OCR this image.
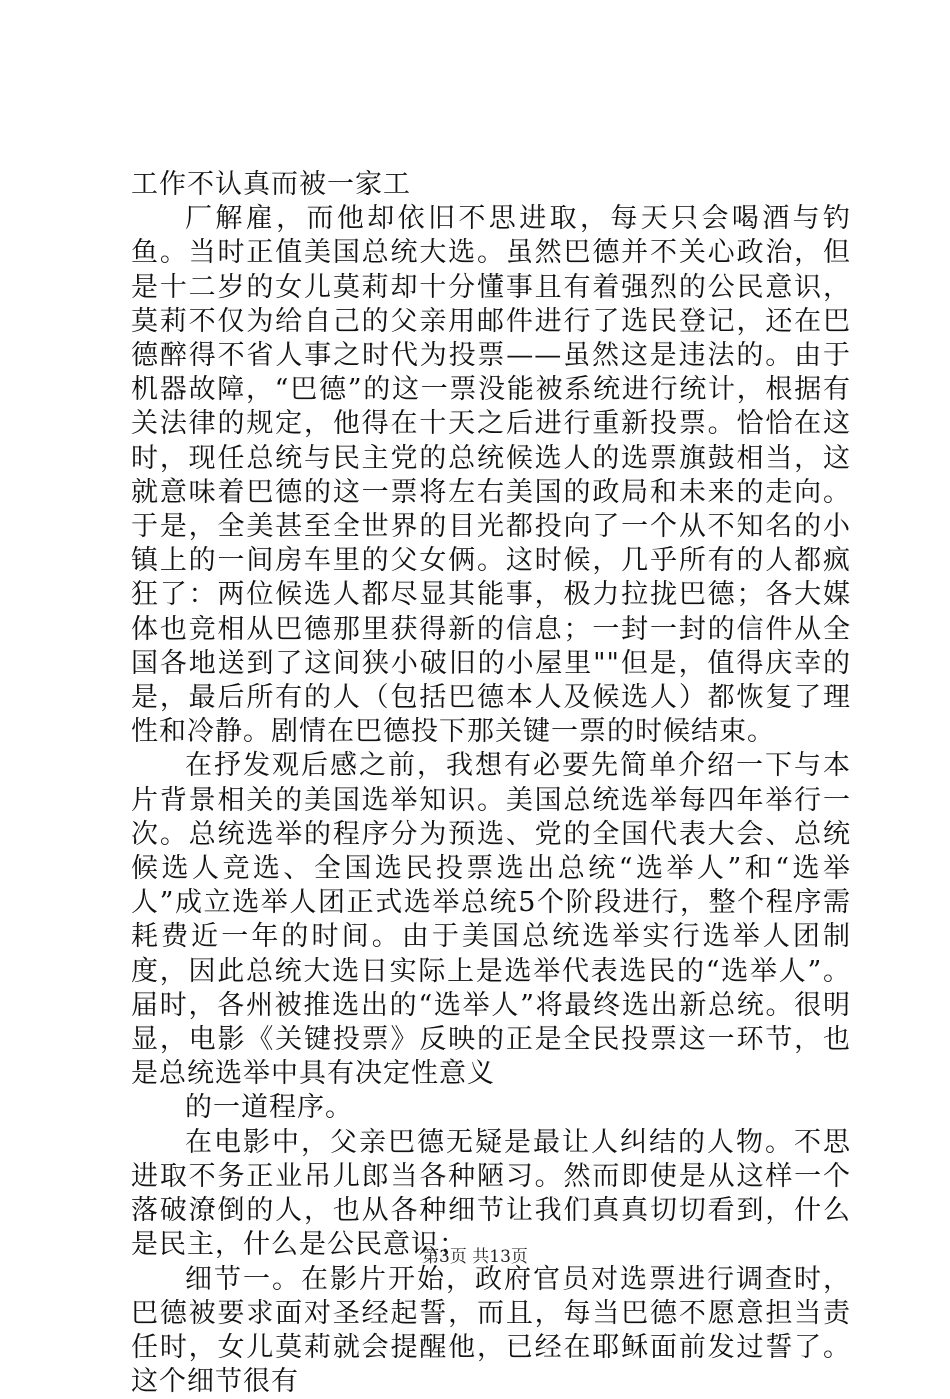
工作不认真而被一家工

厂解雇，而他却依旧不思进取，每天只会喝酒与钓鱼。当时正值美国总统大选。虽然巴德并不关心政治，但是十二岁的女儿莫莉却十分懂事且有着强烈的公民意识，莫莉不仅为给自己的父亲用邮件进行了选民登记，还在巴德醉得不省人事之时代为投票——虽然这是违法的。由于机器故障，“巴德”的这一票没能被系统进行统计，根据有关法律的规定，他得在十天之后进行重新投票。恰恰在这时，现任总统与民主党的总统候选人的选票旗鼓相当，这就意味着巴德的这一票将左右美国的政局和未来的走向。于是，全美甚至全世界的目光都投向了一个从不知名的小镇上的一间房车里的父女俩。这时候，几乎所有的人都疯狂了：两位候选人都尽显其能事，极力拉拢巴德；各大媒体也竞相从巴德那里获得新的信息；一封一封的信件从全国各地送到了这间狭小破旧的小屋里""但是，值得庆幸的是，最后所有的人（包括巴德本人及候选人）都恢复了理性和冷静。剧情在巴德投下那关键一票的时候结束。

在抒发观后感之前，我想有必要先简单介绍一下与本片背景相关的美国选举知识。美国总统选举每四年举行一次。总统选举的程序分为预选、党的全国代表大会、总统候选人竞选、全国选民投票选出总统“选举人”和“选举人”成立选举人团正式选举总统5个阶段进行，整个程序需耗费近一年的时间。由于美国总统选举实行选举人团制度，因此总统大选日实际上是选举代表选民的“选举人”。届时，各州被推选出的“选举人”将最终选出新总统。很明显，电影《关键投票》反映的正是全民投票这一环节，也是总统选举中具有决定性意义

的一道程序。

在电影中，父亲巴德无疑是最让人纠结的人物。不思进取不务正业吊儿郎当各种陋习。然而即使是从这样一个落破潦倒的人，也从各种细节让我们真真切切看到，什么是民主，什么是公民意识；

细节一。在影片开始，政府官员对选票进行调查时，巴德被要求面对圣经起誓，而且，每当巴德不愿意担当责任时，女儿莫莉就会提醒他，已经在耶稣面前发过誓了。这个细节很有

第3页 共13页
